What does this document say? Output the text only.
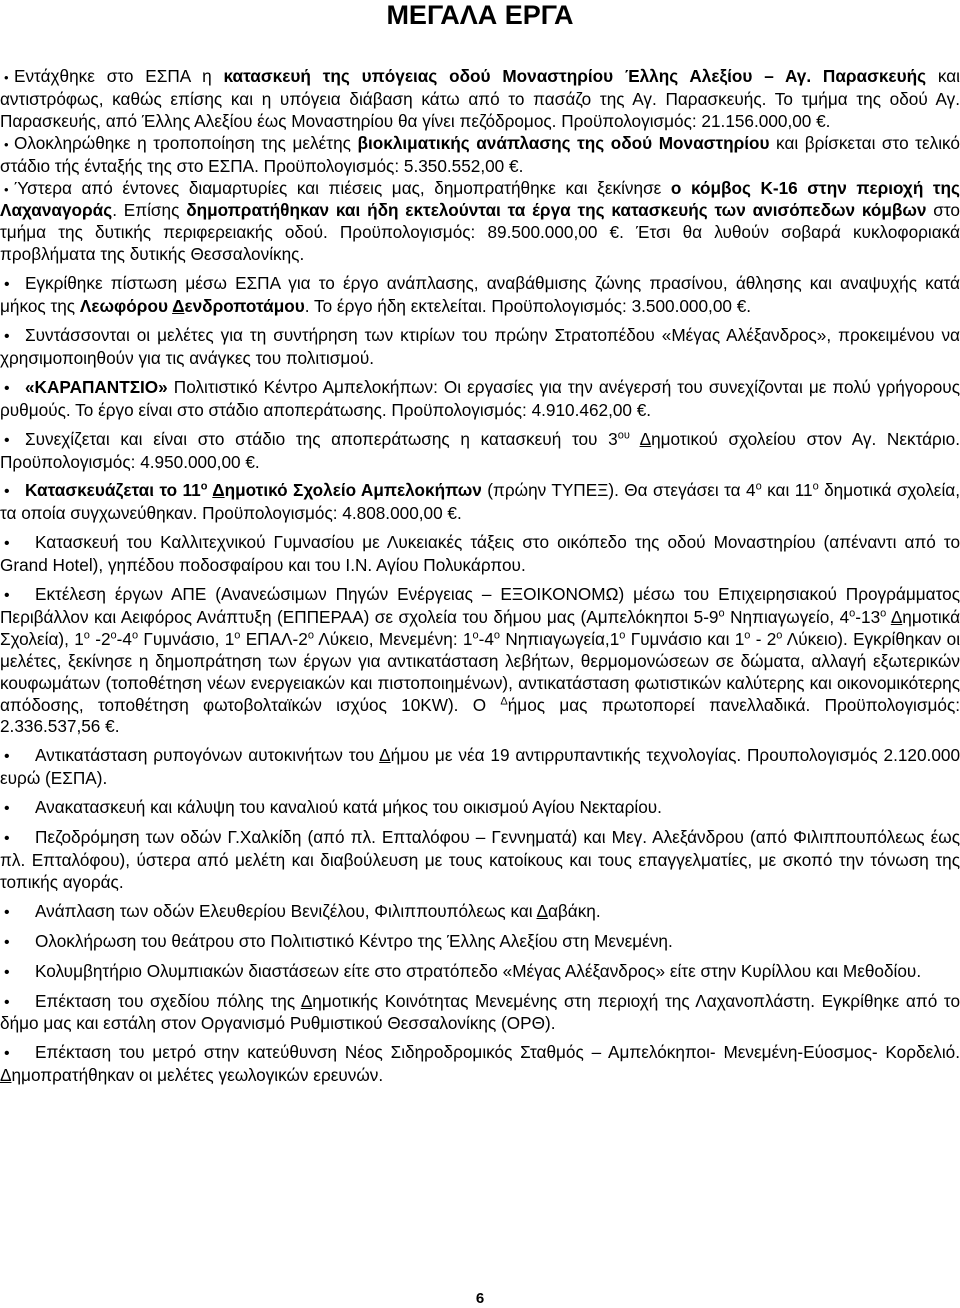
ΜΕΓΑΛΑ ΕΡΓΑ

• Εντάχθηκε στο ΕΣΠΑ η κατασκευή της υπόγειας οδού Μοναστηρίου Έλλης Αλεξίου – Αγ. Παρασκευής και αντιστρόφως, καθώς επίσης και η υπόγεια διάβαση κάτω από το πασάζο της Αγ. Παρασκευής. Το τμήμα της οδού Αγ. Παρασκευής, από Έλλης Αλεξίου έως Μοναστηρίου θα γίνει πεζόδρομος. Προϋπολογισμός: 21.156.000,00 €.

• Ολοκληρώθηκε η τροποποίηση της μελέτης βιοκλιματικής ανάπλασης της οδού Μοναστηρίου και βρίσκεται στο τελικό στάδιο τής ένταξής της στο ΕΣΠΑ. Προϋπολογισμός: 5.350.552,00 €.

• Ύστερα από έντονες διαμαρτυρίες και πιέσεις μας, δημοπρατήθηκε και ξεκίνησε ο κόμβος Κ-16 στην περιοχή της Λαχαναγοράς. Επίσης δημοπρατήθηκαν και ήδη εκτελούνται τα έργα της κατασκευής των ανισόπεδων κόμβων στο τμήμα της δυτικής περιφερειακής οδού. Προϋπολογισμός: 89.500.000,00 €. Έτσι θα λυθούν σοβαρά κυκλοφοριακά προβλήματα της δυτικής Θεσσαλονίκης.

• Εγκρίθηκε πίστωση μέσω ΕΣΠΑ για το έργο ανάπλασης, αναβάθμισης ζώνης πρασίνου, άθλησης και αναψυχής κατά μήκος της Λεωφόρου Δενδροποτάμου. Το έργο ήδη εκτελείται. Προϋπολογισμός: 3.500.000,00 €.

• Συντάσσονται οι μελέτες για τη συντήρηση των κτιρίων του πρώην Στρατοπέδου «Μέγας Αλέξανδρος», προκειμένου να χρησιμοποιηθούν για τις ανάγκες του πολιτισμού.

• «ΚΑΡΑΠΑΝΤΣΙΟ» Πολιτιστικό Κέντρο Αμπελοκήπων: Οι εργασίες για την ανέγερσή του συνεχίζονται με πολύ γρήγορους ρυθμούς. Το έργο είναι στο στάδιο αποπεράτωσης. Προϋπολογισμός: 4.910.462,00 €.

• Συνεχίζεται και είναι στο στάδιο της αποπεράτωσης η κατασκευή του $3^{o\upsilon}$ Δημοτικού σχολείου στον Αγ. Νεκτάριο. Προϋπολογισμός: 4.950.000,00 €.

• Κατασκευάζεται το $11^o$ Δημοτικό Σχολείο Αμπελοκήπων (πρώην ΤΥΠΕΞ). Θα στεγάσει τα $4^o$ και $11^o$ δημοτικά σχολεία, τα οποία συγχωνεύθηκαν. Προϋπολογισμός: 4.808.000,00 €.

• Κατασκευή του Καλλιτεχνικού Γυμνασίου με Λυκειακές τάξεις στο οικόπεδο της οδού Μοναστηρίου (απέναντι από το Grand Hotel), γηπέδου ποδοσφαίρου και του Ι.Ν. Αγίου Πολυκάρπου.

• Εκτέλεση έργων ΑΠΕ (Ανανεώσιμων Πηγών Ενέργειας – ΕΞΟΙΚΟΝΟΜΩ) μέσω του Επιχειρησιακού Προγράμματος Περιβάλλον και Αειφόρος Ανάπτυξη (ΕΠΠΕΡΑΑ) σε σχολεία του δήμου μας (Αμπελόκηποι $5-9^o$ Νηπιαγωγείο, $4^o-13^o$ Δημοτικά Σχολεία), $1^o$ $-2^o-4^o$ Γυμνάσιο, $1^o$ ΕΠΑΛ-$2^o$ Λύκειο, Μενεμένη: $1^o-4^o$ $N\eta\pi\iota\alpha\gamma\omega\gamma\varepsilon ί\alpha,1^o$ Γυμνάσιο και $1^o - 2^o$ Λύκειο). Εγκρίθηκαν οι μελέτες, ξεκίνησε η δημοπράτηση των έργων για αντικατάσταση λεβήτων, θερμομονώσεων σε δώματα, αλλαγή εξωτερικών κουφωμάτων (τοποθέτηση νέων ενεργειακών και πιστοποιημένων), αντικατάσταση φωτιστικών καλύτερης και οικονομικότερης απόδοσης, τοποθέτηση φωτοβολταϊκών ισχύος 10KW). Ο $^\Delta$ήμος μας πρωτοπορεί πανελλαδικά. Προϋπολογισμός: 2.336.537,56 €.

• Αντικατάσταση ρυπογόνων αυτοκινήτων του Δήμου με νέα 19 αντιρρυπαντικής τεχνολογίας. Προυπολογισμός 2.120.000 ευρώ (ΕΣΠΑ).

• Ανακατασκευή και κάλυψη του καναλιού κατά μήκος του οικισμού Αγίου Νεκταρίου.

• Πεζοδρόμηση των οδών Γ.Χαλκίδη (από πλ. Επταλόφου – Γεννηματά) και Μεγ. Αλεξάνδρου (από Φιλιππουπόλεως έως πλ. Επταλόφου), ύστερα από μελέτη και διαβούλευση με τους κατοίκους και τους επαγγελματίες, με σκοπό την τόνωση της τοπικής αγοράς.

• Ανάπλαση των οδών Ελευθερίου Βενιζέλου, Φιλιππουπόλεως και Δαβάκη.

• Ολοκλήρωση του θεάτρου στο Πολιτιστικό Κέντρο της Έλλης Αλεξίου στη Μενεμένη.

• Κολυμβητήριο Ολυμπιακών διαστάσεων είτε στο στρατόπεδο «Μέγας Αλέξανδρος» είτε στην Κυρίλλου και Μεθοδίου.

• Επέκταση του σχεδίου πόλης της Δημοτικής Κοινότητας Μενεμένης στη περιοχή της Λαχανοπλάστη. Εγκρίθηκε από το δήμο μας και εστάλη στον Οργανισμό Ρυθμιστικού Θεσσαλονίκης (ΟΡΘ).

• Επέκταση του μετρό στην κατεύθυνση Νέος Σιδηροδρομικός Σταθμός – Αμπελόκηποι- Μενεμένη-Εύοσμος- Κορδελιό. Δημοπρατήθηκαν οι μελέτες γεωλογικών ερευνών.

6
